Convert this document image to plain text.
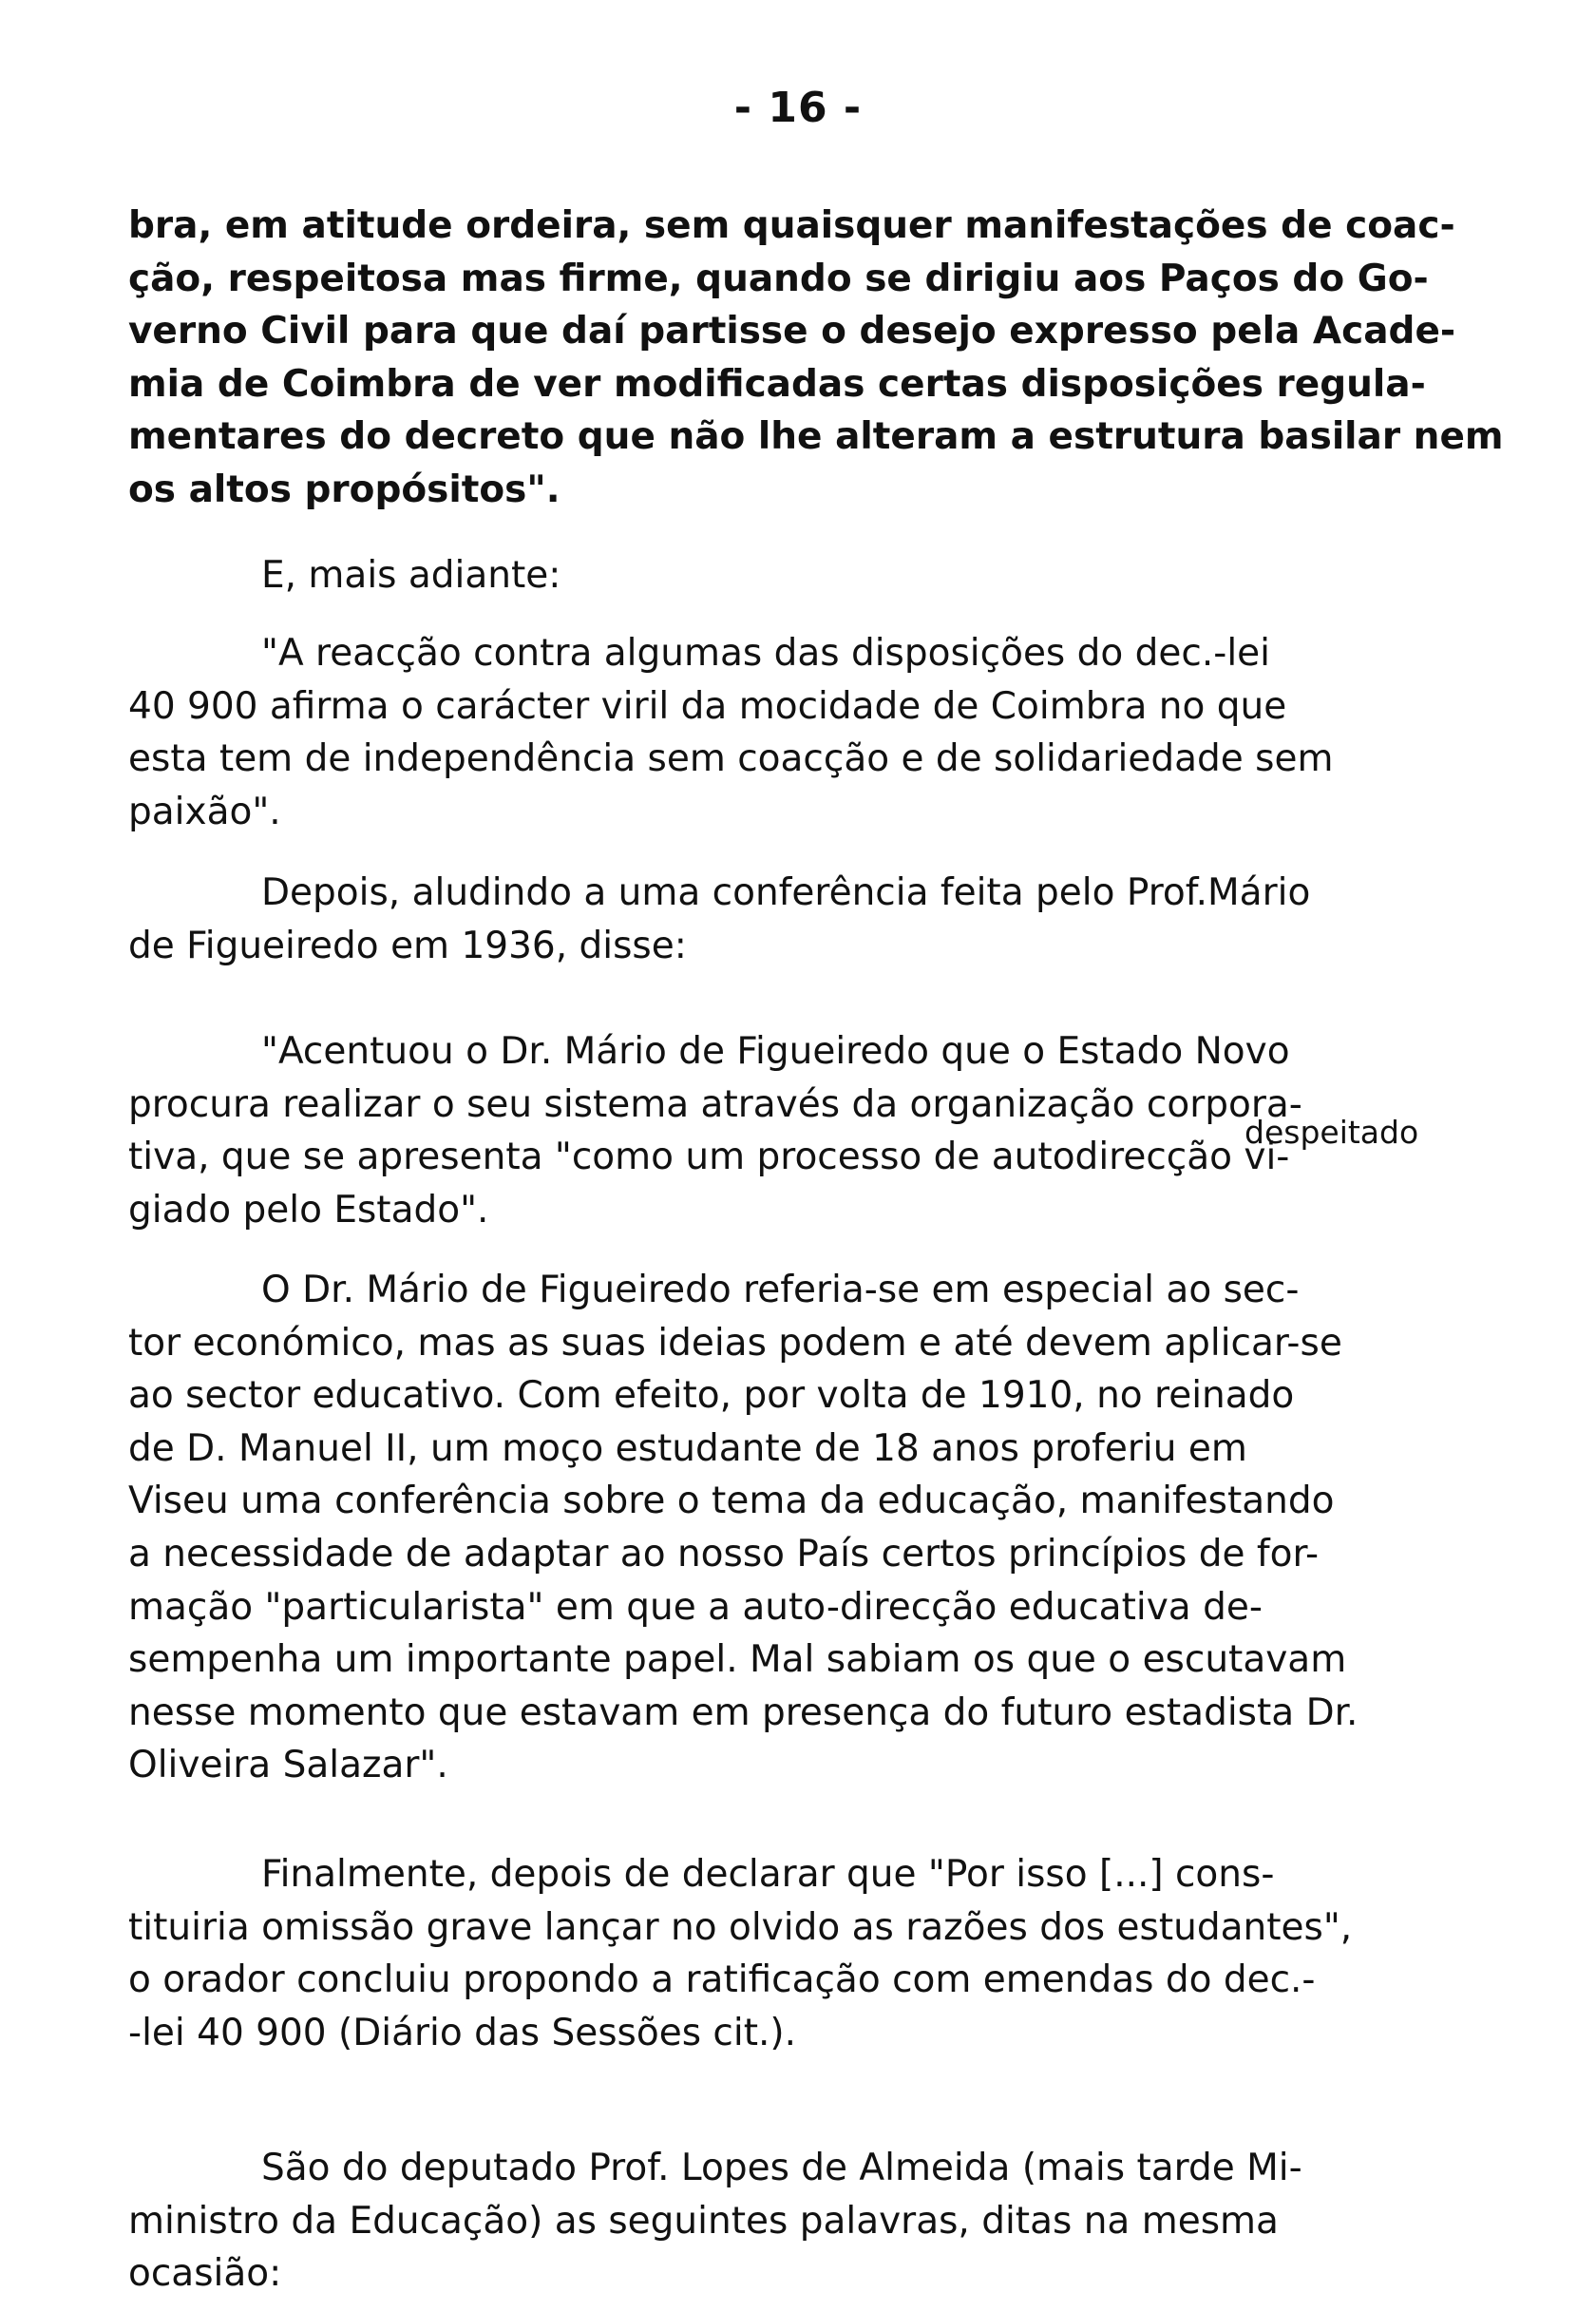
- 16 -
bra, em atitude ordeira, sem quaisquer manifestações de coac-
ção, respeitosa mas firme, quando se dirigiu aos Paços do Go-
verno Civil para que daí partisse o desejo expresso pela Acade-
mia de Coimbra de ver modificadas certas disposições regula-
mentares do decreto que não lhe alteram a estrutura basilar nem
os altos propósitos".
E, mais adiante:
"A reacção contra algumas das disposições do dec.-lei
40 900 afirma o carácter viril da mocidade de Coimbra no que
esta tem de independência sem coacção e de solidariedade sem
paixão".
Depois, aludindo a uma conferência feita pelo Prof.Mário
de Figueiredo em 1936, disse:
"Acentuou o Dr. Mário de Figueiredo que o Estado Novo
procura realizar o seu sistema através da organização corpora-
tiva, que se apresenta "como um processo de autodirecção vi-
giado pelo Estado".
despeitado
O Dr. Mário de Figueiredo referia-se em especial ao sec-
tor económico, mas as suas ideias podem e até devem aplicar-se
ao sector educativo. Com efeito, por volta de 1910, no reinado
de D. Manuel II, um moço estudante de 18 anos proferiu em
Viseu uma conferência sobre o tema da educação, manifestando
a necessidade de adaptar ao nosso País certos princípios de for-
mação "particularista" em que a auto-direcção educativa de-
sempenha um importante papel. Mal sabiam os que o escutavam
nesse momento que estavam em presença do futuro estadista Dr.
Oliveira Salazar".
Finalmente, depois de declarar que "Por isso [...] cons-
tituiria omissão grave lançar no olvido as razões dos estudantes",
o orador concluiu propondo a ratificação com emendas do dec.-
-lei 40 900 (Diário das Sessões cit.).
São do deputado Prof. Lopes de Almeida (mais tarde Mi-
ministro da Educação) as seguintes palavras, ditas na mesma
ocasião:
